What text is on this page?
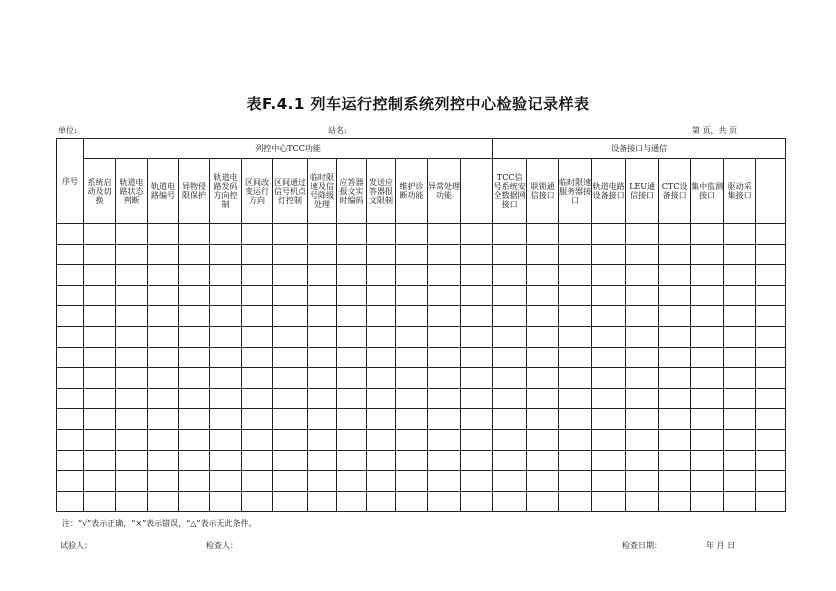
表F.4.1 列车运行控制系统列控中心检验记录样表
单位:	站名:	第 页，共 页
序号	列控中心TCC功能													设备接口与通信								
	系统启动及切换	轨道电路状态判断	轨道电路编号	异物侵限保护	轨道电路发码方向控制	区间改变运行方向	区间通过信号机点灯控制	临时限速及信号降级处理	应答器报文实时编码	发送应答器报文限制	维护诊断功能	异常处理功能		TCC信号系统安全数据网接口	联锁通信接口	临时限速服务器接口	轨道电路设备接口	LEU通信接口	CTC设备接口	集中监测接口	驱动采集接口	

注：“√”表示正确，“×”表示错误，“△”表示无此条件。
试验人：	检查人：	检查日期：	年 月 日
